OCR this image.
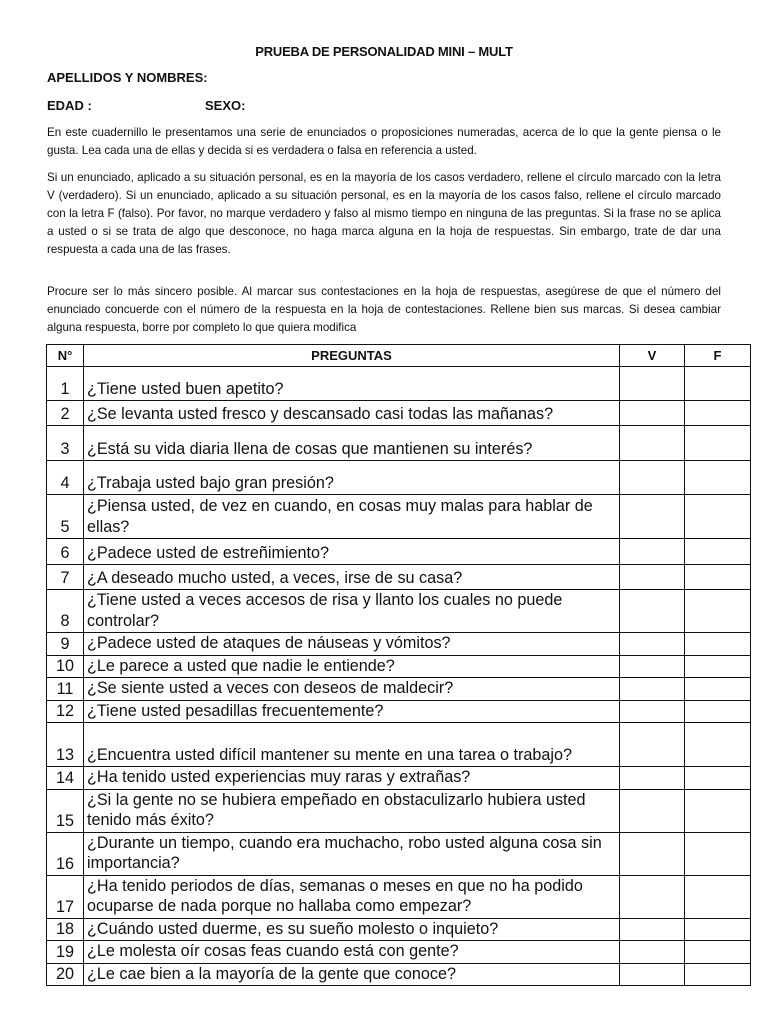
PRUEBA DE PERSONALIDAD MINI – MULT
APELLIDOS Y NOMBRES:
EDAD :	SEXO:

En este cuadernillo le presentamos una serie de enunciados o proposiciones numeradas, acerca de lo que la gente piensa o le gusta. Lea cada una de ellas y decida si es verdadera o falsa en referencia a usted.

Si un enunciado, aplicado a su situación personal, es en la mayoría de los casos verdadero, rellene el círculo marcado con la letra V (verdadero). Si un enunciado, aplicado a su situación personal, es en la mayoría de los casos falso, rellene el círculo marcado con la letra F (falso). Por favor, no marque verdadero y falso al mismo tiempo en ninguna de las preguntas. Si la frase no se aplica a usted o si se trata de algo que desconoce, no haga marca alguna en la hoja de respuestas. Sin embargo, trate de dar una respuesta a cada una de las frases.

Procure ser lo más sincero posible. Al marcar sus contestaciones en la hoja de respuestas, asegúrese de que el número del enunciado concuerde con el número de la respuesta en la hoja de contestaciones. Rellene bien sus marcas. Si desea cambiar alguna respuesta, borre por completo lo que quiera modifica

N°	PREGUNTAS	V	F
1	¿Tiene usted buen apetito?		
2	¿Se levanta usted fresco y descansado casi todas las mañanas?		
3	¿Está su vida diaria llena de cosas que mantienen su interés?		
4	¿Trabaja usted bajo gran presión?		
5	¿Piensa usted, de vez en cuando, en cosas muy malas para hablar de ellas?		
6	¿Padece usted de estreñimiento?		
7	¿A deseado mucho usted, a veces, irse de su casa?		
8	¿Tiene usted a veces accesos de risa y llanto los cuales no puede controlar?		
9	¿Padece usted de ataques de náuseas y vómitos?		
10	¿Le parece a usted que nadie le entiende?		
11	¿Se siente usted a veces con deseos de maldecir?		
12	¿Tiene usted pesadillas frecuentemente?		
13	¿Encuentra usted difícil mantener su mente en una tarea o trabajo?		
14	¿Ha tenido usted experiencias muy raras y extrañas?		
15	¿Si la gente no se hubiera empeñado en obstaculizarlo hubiera usted tenido más éxito?		
16	¿Durante un tiempo, cuando era muchacho, robo usted alguna cosa sin importancia?		
17	¿Ha tenido periodos de días, semanas o meses en que no ha podido ocuparse de nada porque no hallaba como empezar?		
18	¿Cuándo usted duerme, es su sueño molesto o inquieto?		
19	¿Le molesta oír cosas feas cuando está con gente?		
20	¿Le cae bien a la mayoría de la gente que conoce?		
